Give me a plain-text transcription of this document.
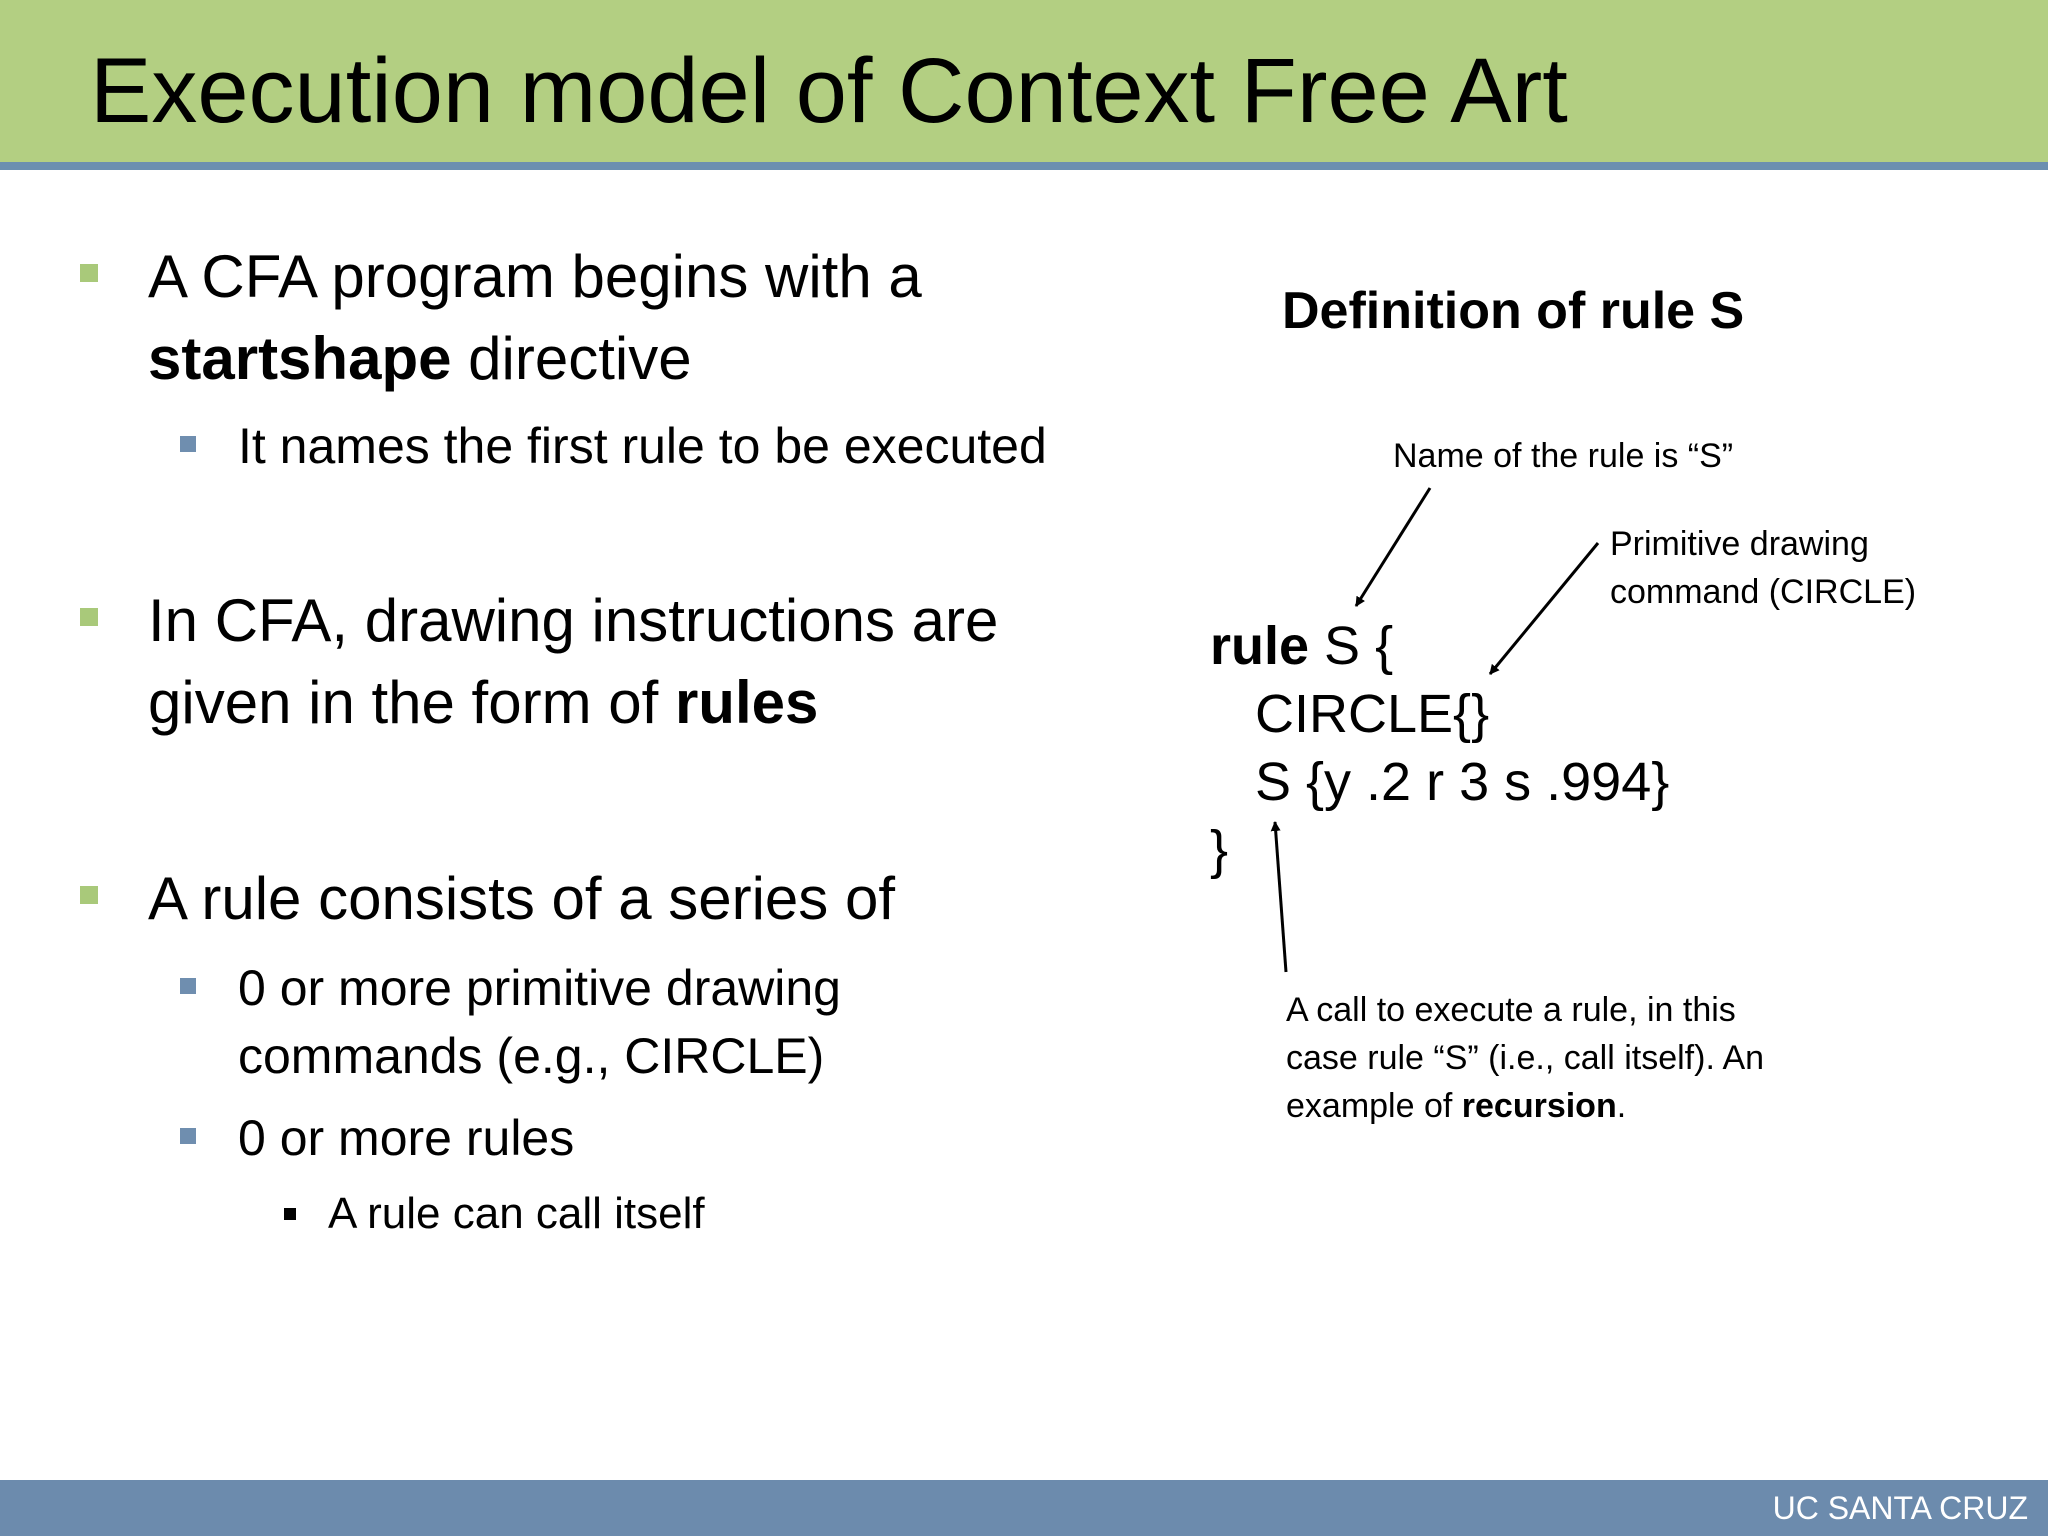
Execution model of Context Free Art
A CFA program begins with a
startshape directive
It names the first rule to be executed
In CFA, drawing instructions are
given in the form of rules
A rule consists of a series of
0 or more primitive drawing
commands (e.g., CIRCLE)
0 or more rules
A rule can call itself
Definition of rule S
Name of the rule is “S”
Primitive drawing
command (CIRCLE)
rule S {
CIRCLE{}
S {y .2 r 3 s .994}
}
A call to execute a rule, in this
case rule “S” (i.e., call itself). An
example of recursion.
UC SANTA CRUZ
